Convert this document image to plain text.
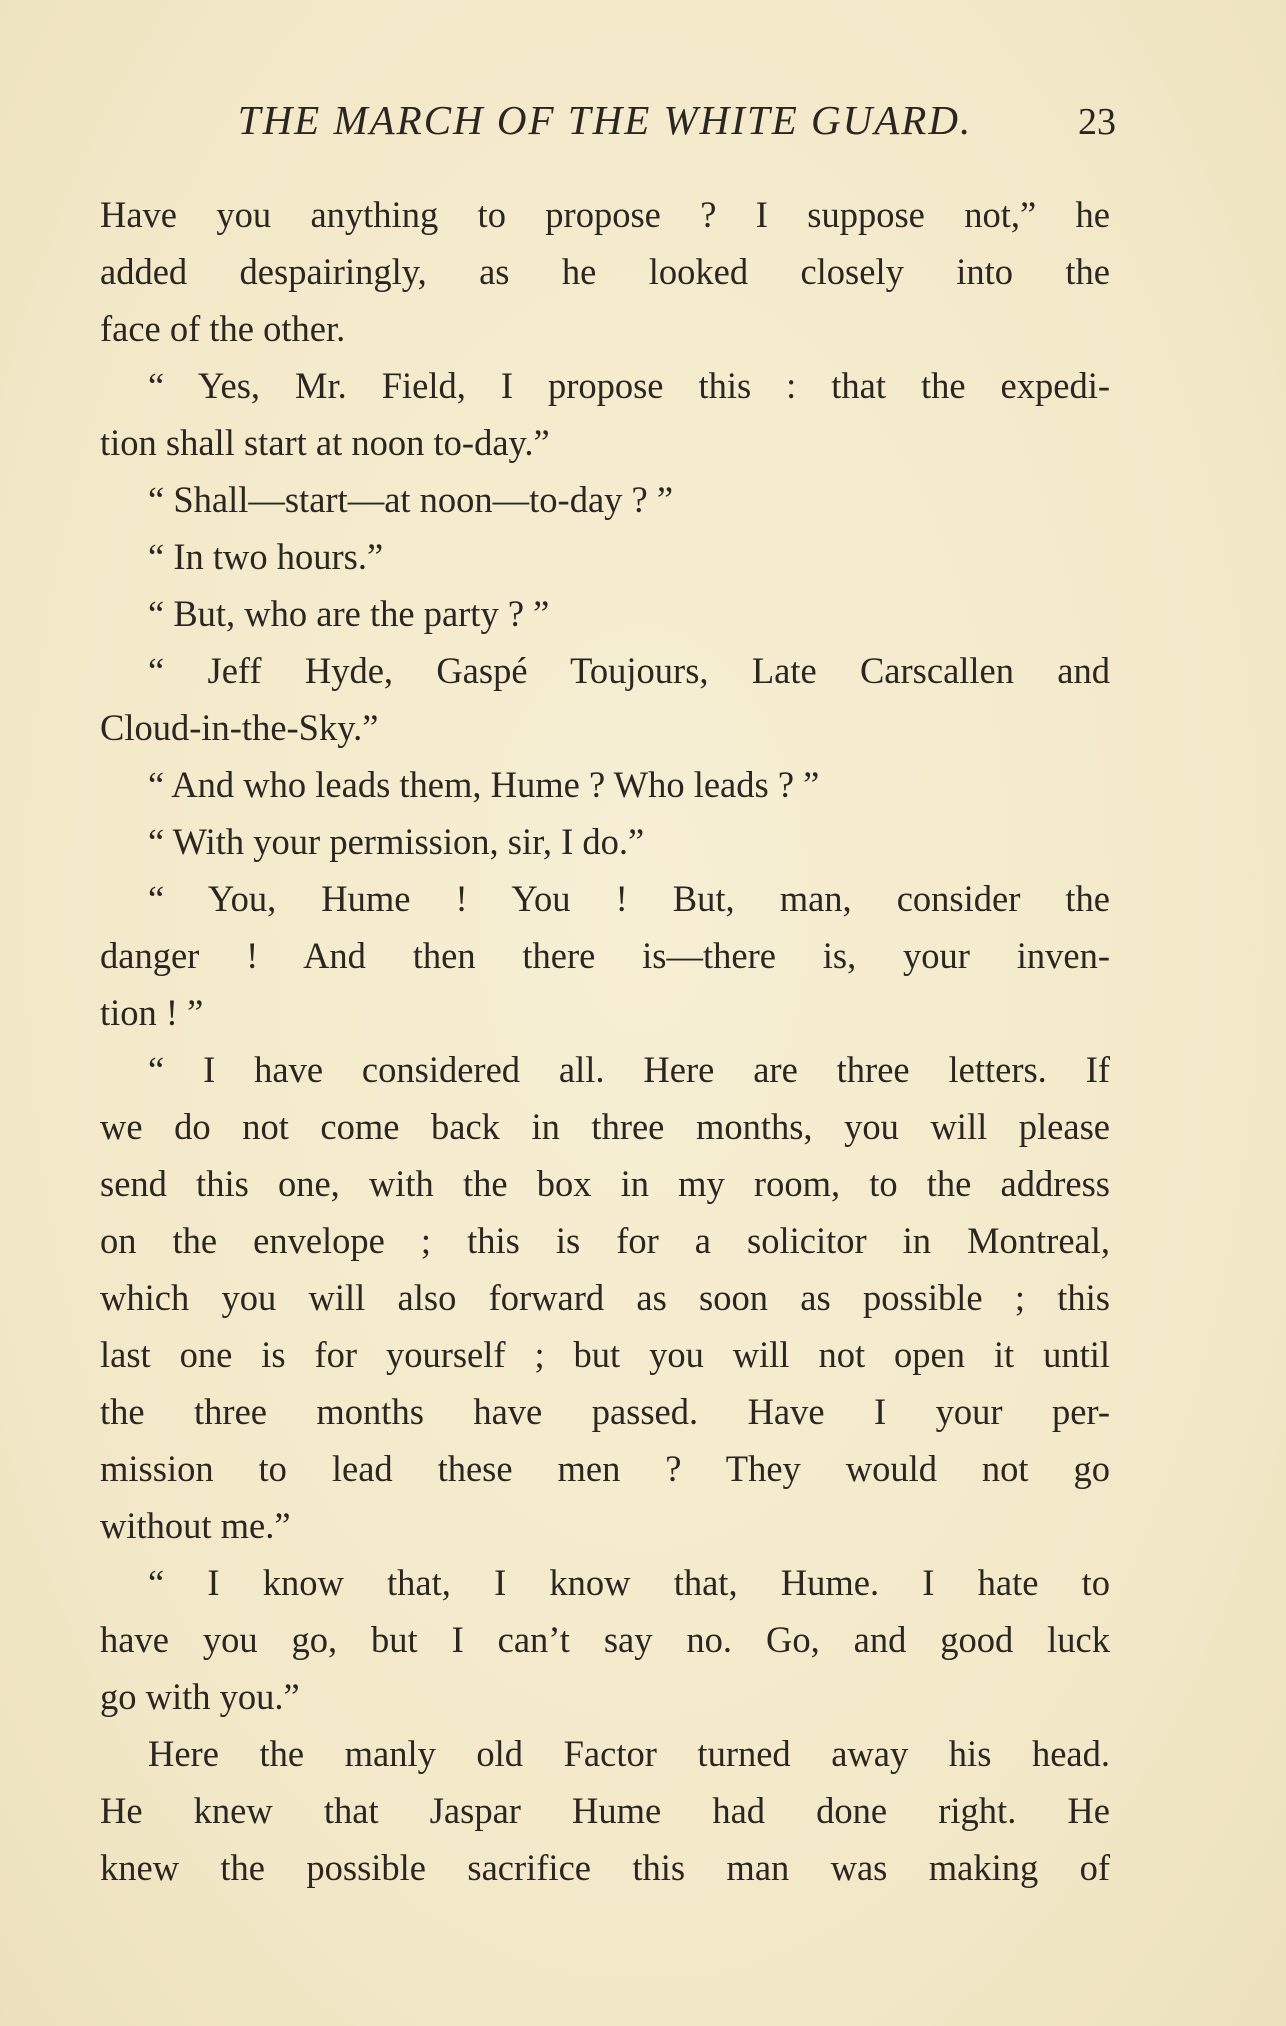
THE MARCH OF THE WHITE GUARD.	23
Have you anything to propose ? I suppose not,” he
added despairingly, as he looked closely into the
face of the other.
“ Yes, Mr. Field, I propose this : that the expedi-
tion shall start at noon to-day.”
“ Shall—start—at noon—to-day ? ”
“ In two hours.”
“ But, who are the party ? ”
“ Jeff Hyde, Gaspé Toujours, Late Carscallen and
Cloud-in-the-Sky.”
“ And who leads them, Hume ? Who leads ? ”
“ With your permission, sir, I do.”
“ You, Hume ! You ! But, man, consider the
danger ! And then there is—there is, your inven-
tion ! ”
“ I have considered all. Here are three letters. If
we do not come back in three months, you will please
send this one, with the box in my room, to the address
on the envelope ; this is for a solicitor in Montreal,
which you will also forward as soon as possible ; this
last one is for yourself ; but you will not open it until
the three months have passed. Have I your per-
mission to lead these men ? They would not go
without me.”
“ I know that, I know that, Hume. I hate to
have you go, but I can’t say no. Go, and good luck
go with you.”
Here the manly old Factor turned away his head.
He knew that Jaspar Hume had done right. He
knew the possible sacrifice this man was making of
